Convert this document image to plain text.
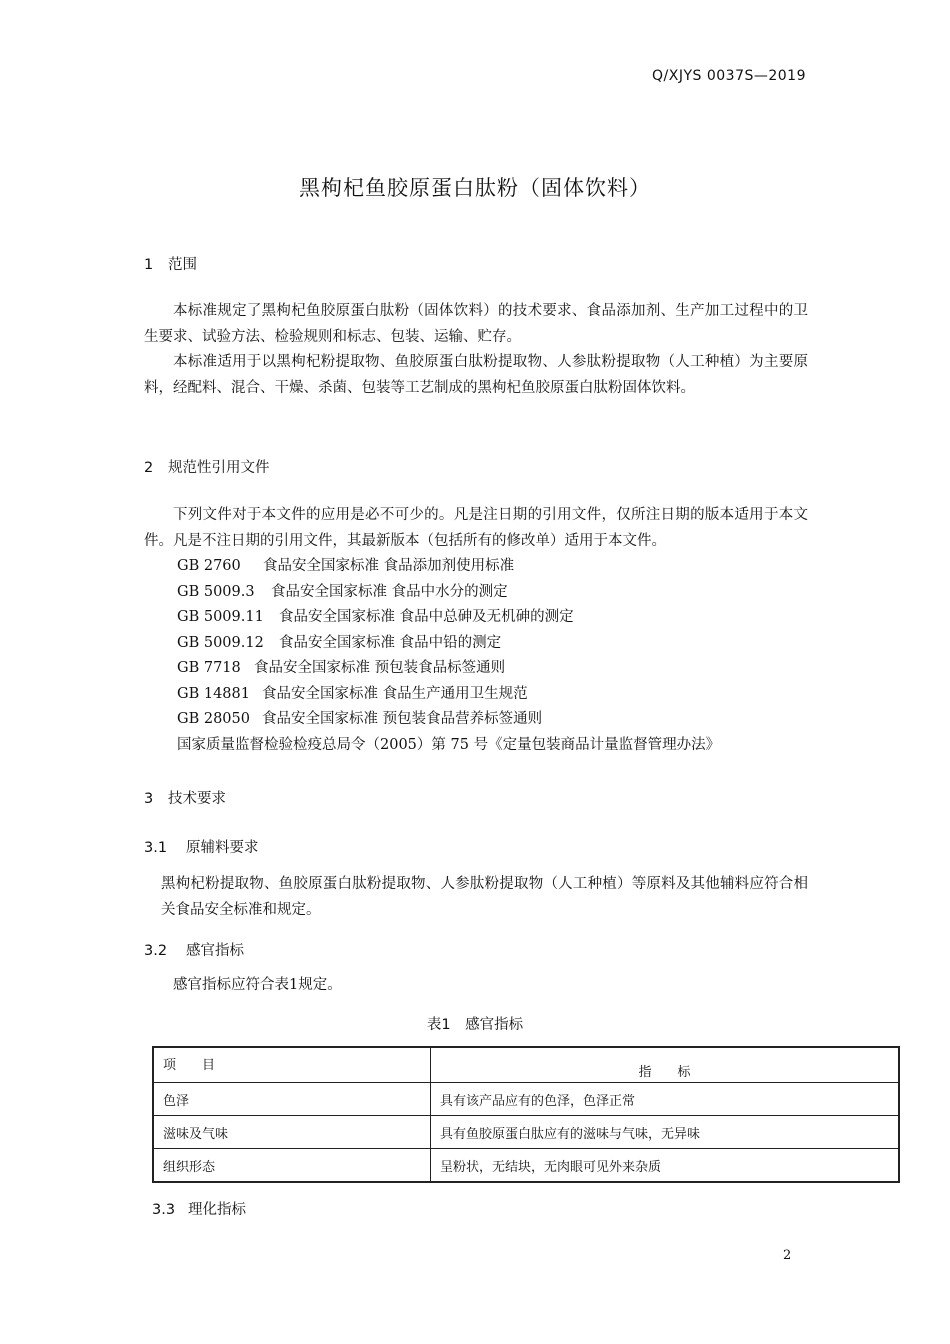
Q/XJYS 0037S—2019
黑枸杞鱼胶原蛋白肽粉（固体饮料）
1 范围
本标准规定了黑枸杞鱼胶原蛋白肽粉（固体饮料）的技术要求、食品添加剂、生产加工过程中的卫生要求、试验方法、检验规则和标志、包装、运输、贮存。
本标准适用于以黑枸杞粉提取物、鱼胶原蛋白肽粉提取物、人参肽粉提取物（人工种植）为主要原料，经配料、混合、干燥、杀菌、包装等工艺制成的黑枸杞鱼胶原蛋白肽粉固体饮料。
2 规范性引用文件
下列文件对于本文件的应用是必不可少的。凡是注日期的引用文件，仅所注日期的版本适用于本文件。凡是不注日期的引用文件，其最新版本（包括所有的修改单）适用于本文件。
GB 2760 食品安全国家标准 食品添加剂使用标准
GB 5009.3 食品安全国家标准 食品中水分的测定
GB 5009.11 食品安全国家标准 食品中总砷及无机砷的测定
GB 5009.12 食品安全国家标准 食品中铅的测定
GB 7718 食品安全国家标准 预包装食品标签通则
GB 14881 食品安全国家标准 食品生产通用卫生规范
GB 28050 食品安全国家标准 预包装食品营养标签通则
国家质量监督检验检疫总局令（2005）第 75 号《定量包装商品计量监督管理办法》
3 技术要求
3.1 原辅料要求
黑枸杞粉提取物、鱼胶原蛋白肽粉提取物、人参肽粉提取物（人工种植）等原料及其他辅料应符合相关食品安全标准和规定。
3.2 感官指标
感官指标应符合表1规定。
表1　感官指标
项　　目	指　　标
色泽	具有该产品应有的色泽，色泽正常
滋味及气味	具有鱼胶原蛋白肽应有的滋味与气味，无异味
组织形态	呈粉状，无结块，无肉眼可见外来杂质
3.3 理化指标
2
